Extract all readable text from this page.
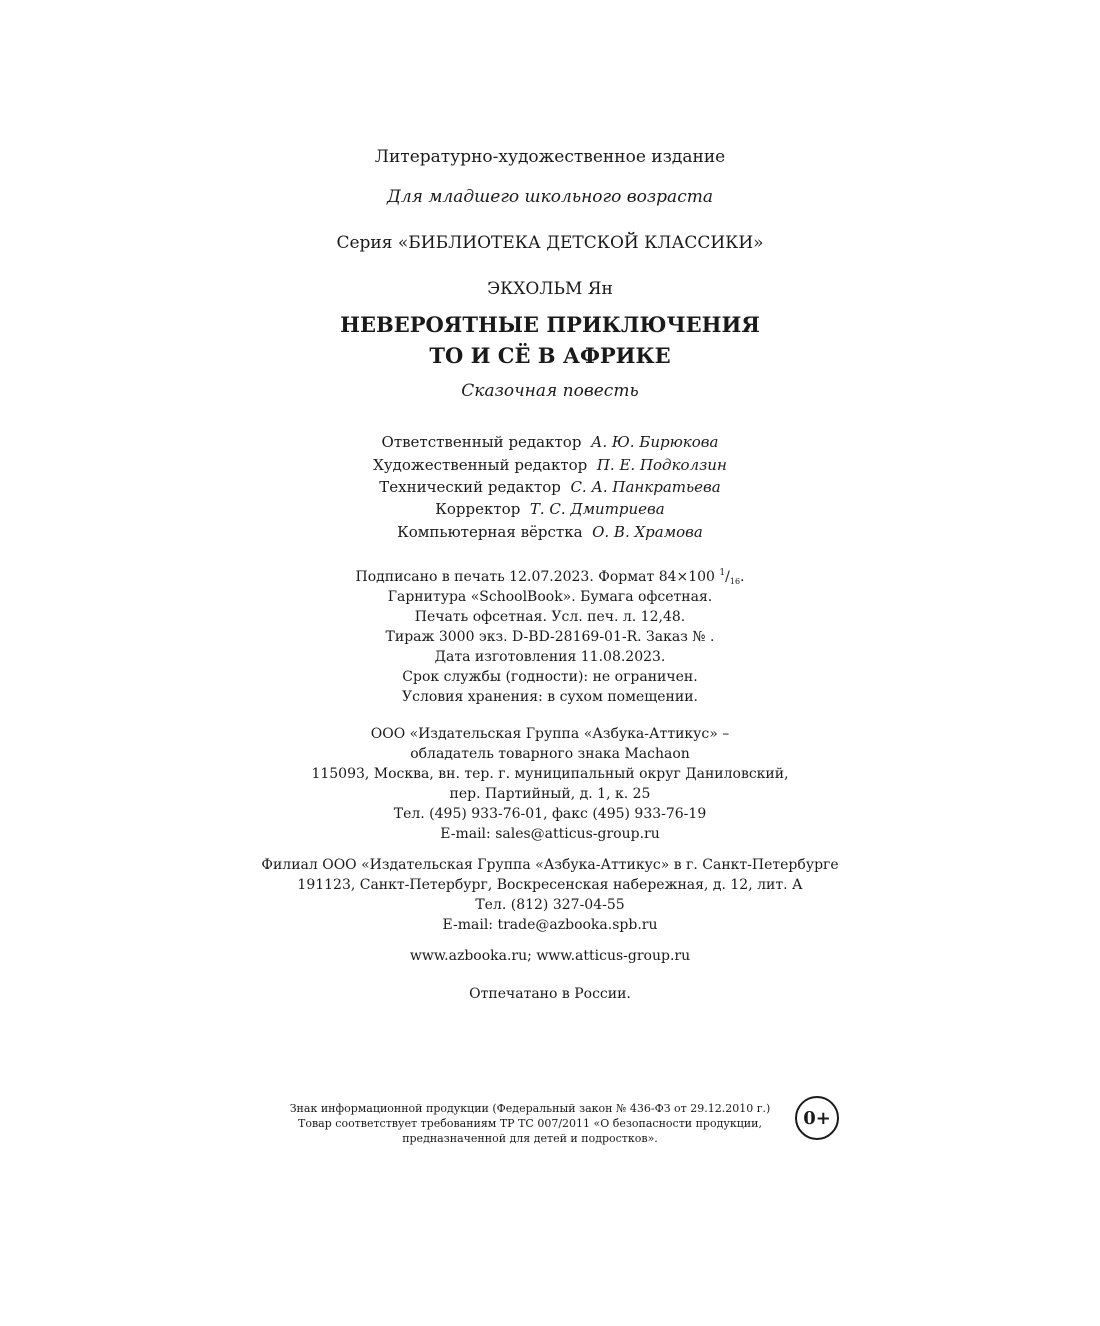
Литературно-художественное издание
Для младшего школьного возраста
Серия «БИБЛИОТЕКА ДЕТСКОЙ КЛАССИКИ»
ЭКХОЛЬМ Ян
НЕВЕРОЯТНЫЕ ПРИКЛЮЧЕНИЯ
ТО И СЁ В АФРИКЕ
Сказочная повесть
Ответственный редактор А. Ю. Бирюкова
Художественный редактор П. Е. Подколзин
Технический редактор С. А. Панкратьева
Корректор Т. С. Дмитриева
Компьютерная вёрстка О. В. Храмова
Подписано в печать 12.07.2023. Формат 84×100 $^1/_{16}$.
Гарнитура «SchoolBook». Бумага офсетная.
Печать офсетная. Усл. печ. л. 12,48.
Тираж 3000 экз. D-BD-28169-01-R. Заказ № .
Дата изготовления 11.08.2023.
Срок службы (годности): не ограничен.
Условия хранения: в сухом помещении.
ООО «Издательская Группа «Азбука-Аттикус» –
обладатель товарного знака Machaon
115093, Москва, вн. тер. г. муниципальный округ Даниловский,
пер. Партийный, д. 1, к. 25
Тел. (495) 933-76-01, факс (495) 933-76-19
E-mail: sales@atticus-group.ru
Филиал ООО «Издательская Группа «Азбука-Аттикус» в г. Санкт-Петербурге
191123, Санкт-Петербург, Воскресенская набережная, д. 12, лит. А
Тел. (812) 327-04-55
E-mail: trade@azbooka.spb.ru
www.azbooka.ru; www.atticus-group.ru
Отпечатано в России.
Знак информационной продукции (Федеральный закон № 436-ФЗ от 29.12.2010 г.)
Товар соответствует требованиям ТР ТС 007/2011 «О безопасности продукции,
предназначенной для детей и подростков».
0+
